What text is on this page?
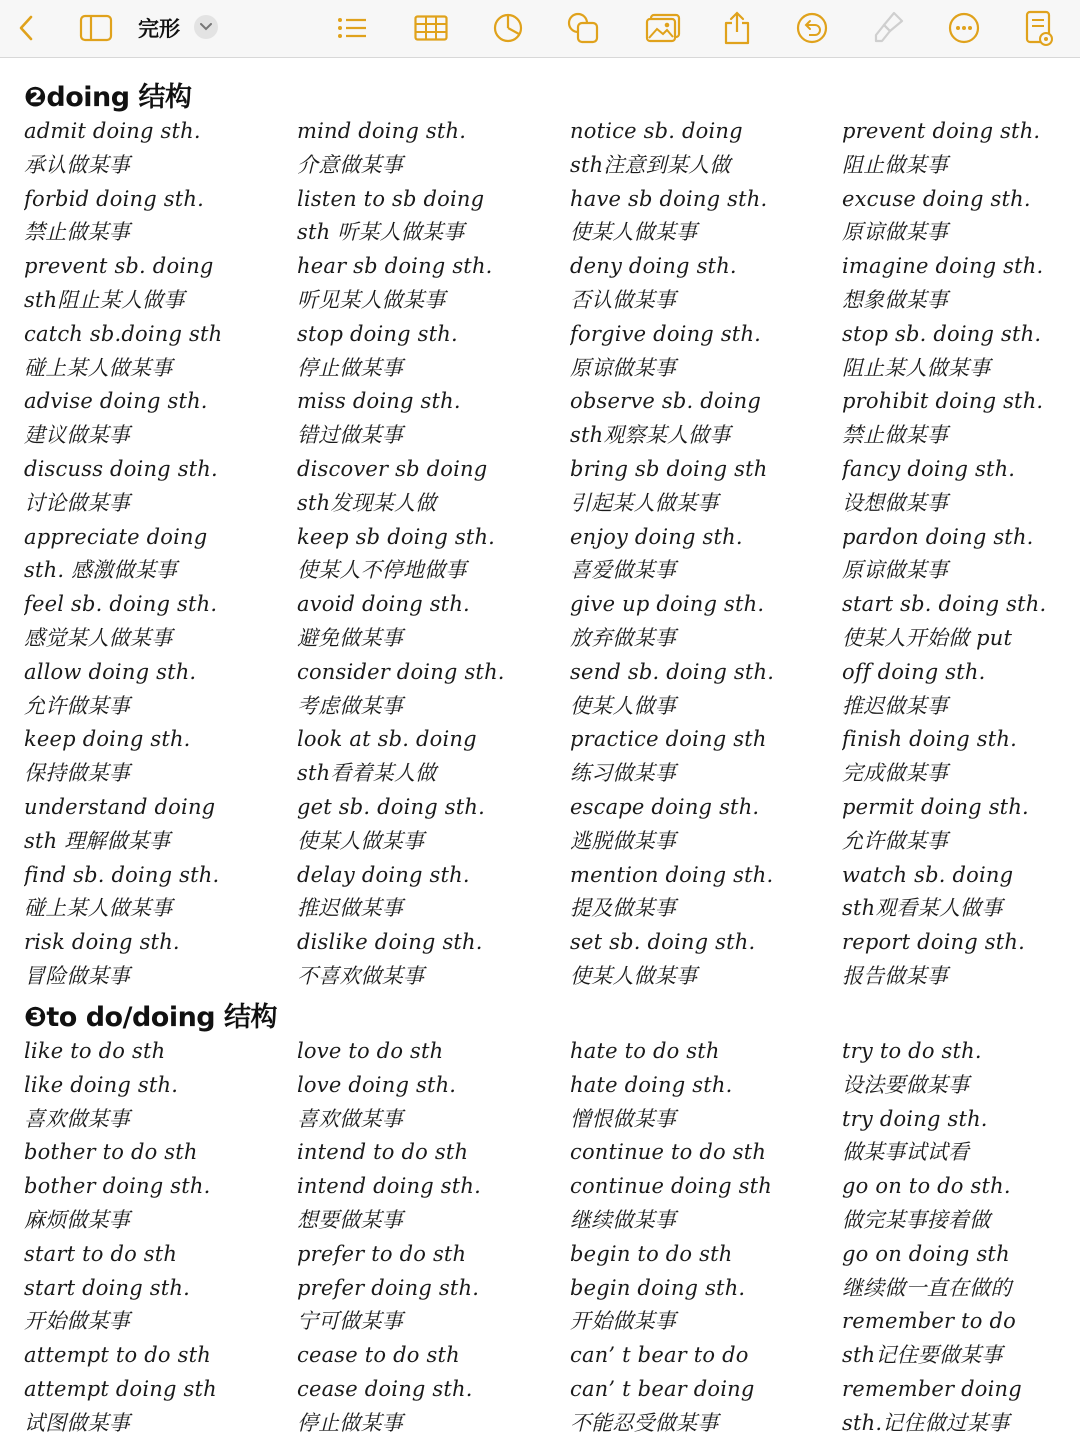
完形
❷doing 结构
admit doing sth.
承认做某事
forbid doing sth.
禁止做某事
prevent sb. doing
sth阻止某人做事
catch sb.doing sth
碰上某人做某事
advise doing sth.
建议做某事
discuss doing sth.
讨论做某事
appreciate doing
sth. 感激做某事
feel sb. doing sth.
感觉某人做某事
allow doing sth.
允许做某事
keep doing sth.
保持做某事
understand doing
sth 理解做某事
find sb. doing sth.
碰上某人做某事
risk doing sth.
冒险做某事
mind doing sth.
介意做某事
listen to sb doing
sth 听某人做某事
hear sb doing sth.
听见某人做某事
stop doing sth.
停止做某事
miss doing sth.
错过做某事
discover sb doing
sth发现某人做
keep sb doing sth.
使某人不停地做事
avoid doing sth.
避免做某事
consider doing sth.
考虑做某事
look at sb. doing
sth看着某人做
get sb. doing sth.
使某人做某事
delay doing sth.
推迟做某事
dislike doing sth.
不喜欢做某事
notice sb. doing
sth注意到某人做
have sb doing sth.
使某人做某事
deny doing sth.
否认做某事
forgive doing sth.
原谅做某事
observe sb. doing
sth观察某人做事
bring sb doing sth
引起某人做某事
enjoy doing sth.
喜爱做某事
give up doing sth.
放弃做某事
send sb. doing sth.
使某人做事
practice doing sth
练习做某事
escape doing sth.
逃脱做某事
mention doing sth.
提及做某事
set sb. doing sth.
使某人做某事
prevent doing sth.
阻止做某事
excuse doing sth.
原谅做某事
imagine doing sth.
想象做某事
stop sb. doing sth.
阻止某人做某事
prohibit doing sth.
禁止做某事
fancy doing sth.
设想做某事
pardon doing sth.
原谅做某事
start sb. doing sth.
使某人开始做 put
off doing sth.
推迟做某事
finish doing sth.
完成做某事
permit doing sth.
允许做某事
watch sb. doing
sth观看某人做事
report doing sth.
报告做某事
❸to do/doing 结构
like to do sth
like doing sth.
喜欢做某事
bother to do sth
bother doing sth.
麻烦做某事
start to do sth
start doing sth.
开始做某事
attempt to do sth
attempt doing sth
试图做某事
love to do sth
love doing sth.
喜欢做某事
intend to do sth
intend doing sth.
想要做某事
prefer to do sth
prefer doing sth.
宁可做某事
cease to do sth
cease doing sth.
停止做某事
hate to do sth
hate doing sth.
憎恨做某事
continue to do sth
continue doing sth
继续做某事
begin to do sth
begin doing sth.
开始做某事
can’ t bear to do
can’ t bear doing
不能忍受做某事
try to do sth.
设法要做某事
try doing sth.
做某事试试看
go on to do sth.
做完某事接着做
go on doing sth
继续做一直在做的
remember to do
sth记住要做某事
remember doing
sth.记住做过某事
